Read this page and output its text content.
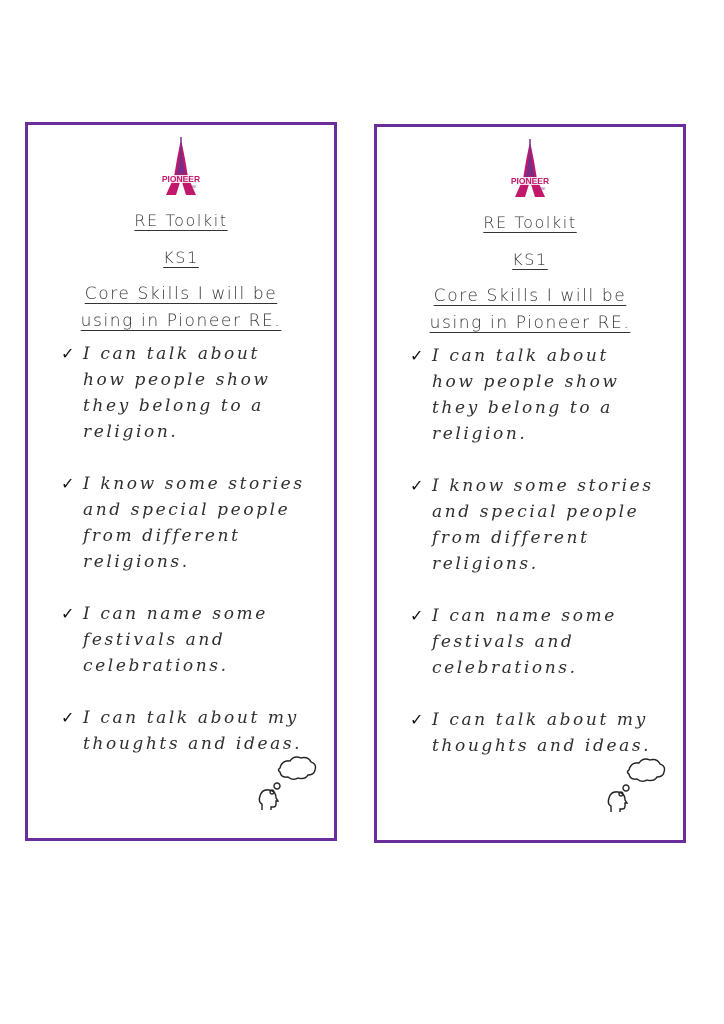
PIONEER
RE
RE Toolkit
KS1
Core Skills I will be using in Pioneer RE.
✓ I can talk about
how people show
they belong to a
religion.
✓ I know some stories
and special people
from different
religions.
✓ I can name some
festivals and
celebrations.
✓ I can talk about my
thoughts and ideas.
PIONEER
RE
RE Toolkit
KS1
Core Skills I will be using in Pioneer RE.
✓ I can talk about
how people show
they belong to a
religion.
✓ I know some stories
and special people
from different
religions.
✓ I can name some
festivals and
celebrations.
✓ I can talk about my
thoughts and ideas.
